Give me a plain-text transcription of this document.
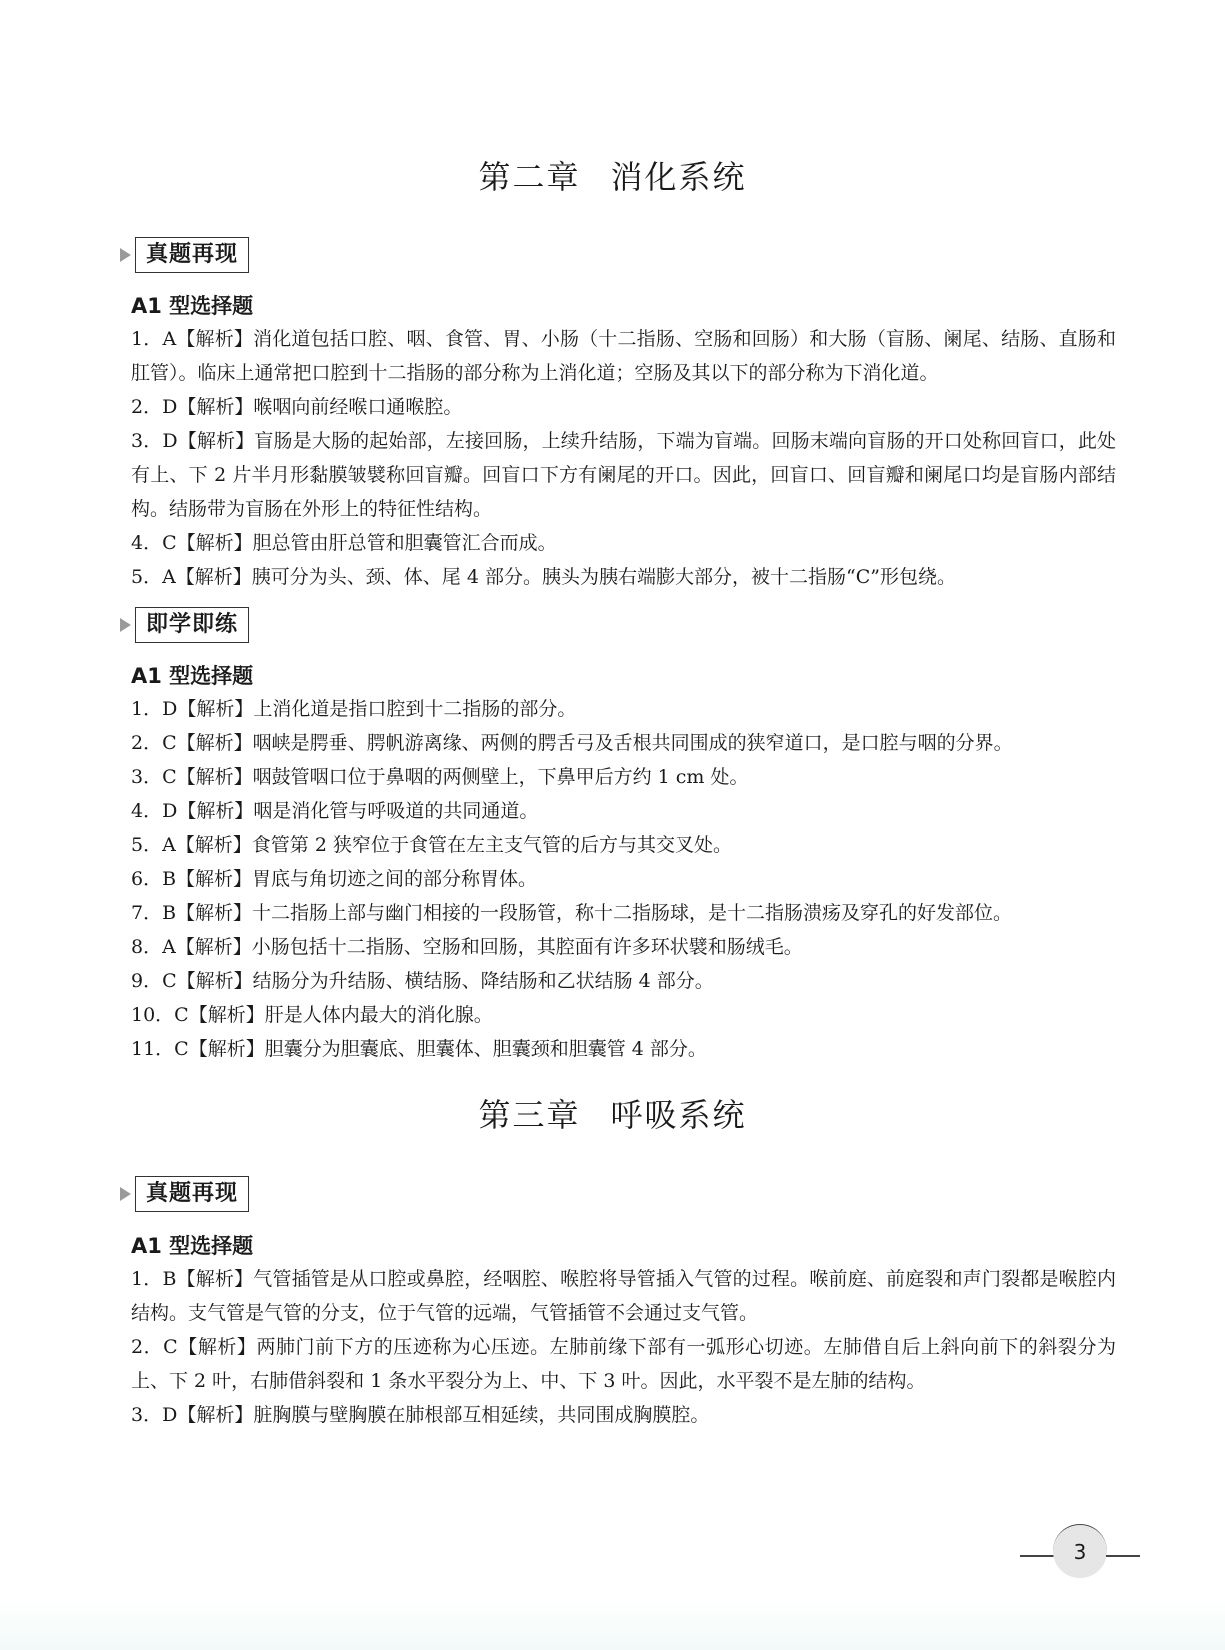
第二章 消化系统
真题再现
A1 型选择题
1．A【解析】消化道包括口腔、咽、食管、胃、小肠（十二指肠、空肠和回肠）和大肠（盲肠、阑尾、结肠、直肠和肛管）。临床上通常把口腔到十二指肠的部分称为上消化道；空肠及其以下的部分称为下消化道。
2．D【解析】喉咽向前经喉口通喉腔。
3．D【解析】盲肠是大肠的起始部，左接回肠，上续升结肠，下端为盲端。回肠末端向盲肠的开口处称回盲口，此处有上、下 2 片半月形黏膜皱襞称回盲瓣。回盲口下方有阑尾的开口。因此，回盲口、回盲瓣和阑尾口均是盲肠内部结构。结肠带为盲肠在外形上的特征性结构。
4．C【解析】胆总管由肝总管和胆囊管汇合而成。
5．A【解析】胰可分为头、颈、体、尾 4 部分。胰头为胰右端膨大部分，被十二指肠“C”形包绕。
即学即练
A1 型选择题
1．D【解析】上消化道是指口腔到十二指肠的部分。
2．C【解析】咽峡是腭垂、腭帆游离缘、两侧的腭舌弓及舌根共同围成的狭窄道口，是口腔与咽的分界。
3．C【解析】咽鼓管咽口位于鼻咽的两侧壁上，下鼻甲后方约 1 cm 处。
4．D【解析】咽是消化管与呼吸道的共同通道。
5．A【解析】食管第 2 狭窄位于食管在左主支气管的后方与其交叉处。
6．B【解析】胃底与角切迹之间的部分称胃体。
7．B【解析】十二指肠上部与幽门相接的一段肠管，称十二指肠球，是十二指肠溃疡及穿孔的好发部位。
8．A【解析】小肠包括十二指肠、空肠和回肠，其腔面有许多环状襞和肠绒毛。
9．C【解析】结肠分为升结肠、横结肠、降结肠和乙状结肠 4 部分。
10．C【解析】肝是人体内最大的消化腺。
11．C【解析】胆囊分为胆囊底、胆囊体、胆囊颈和胆囊管 4 部分。
第三章 呼吸系统
真题再现
A1 型选择题
1．B【解析】气管插管是从口腔或鼻腔，经咽腔、喉腔将导管插入气管的过程。喉前庭、前庭裂和声门裂都是喉腔内结构。支气管是气管的分支，位于气管的远端，气管插管不会通过支气管。
2．C【解析】两肺门前下方的压迹称为心压迹。左肺前缘下部有一弧形心切迹。左肺借自后上斜向前下的斜裂分为上、下 2 叶，右肺借斜裂和 1 条水平裂分为上、中、下 3 叶。因此，水平裂不是左肺的结构。
3．D【解析】脏胸膜与壁胸膜在肺根部互相延续，共同围成胸膜腔。
3
